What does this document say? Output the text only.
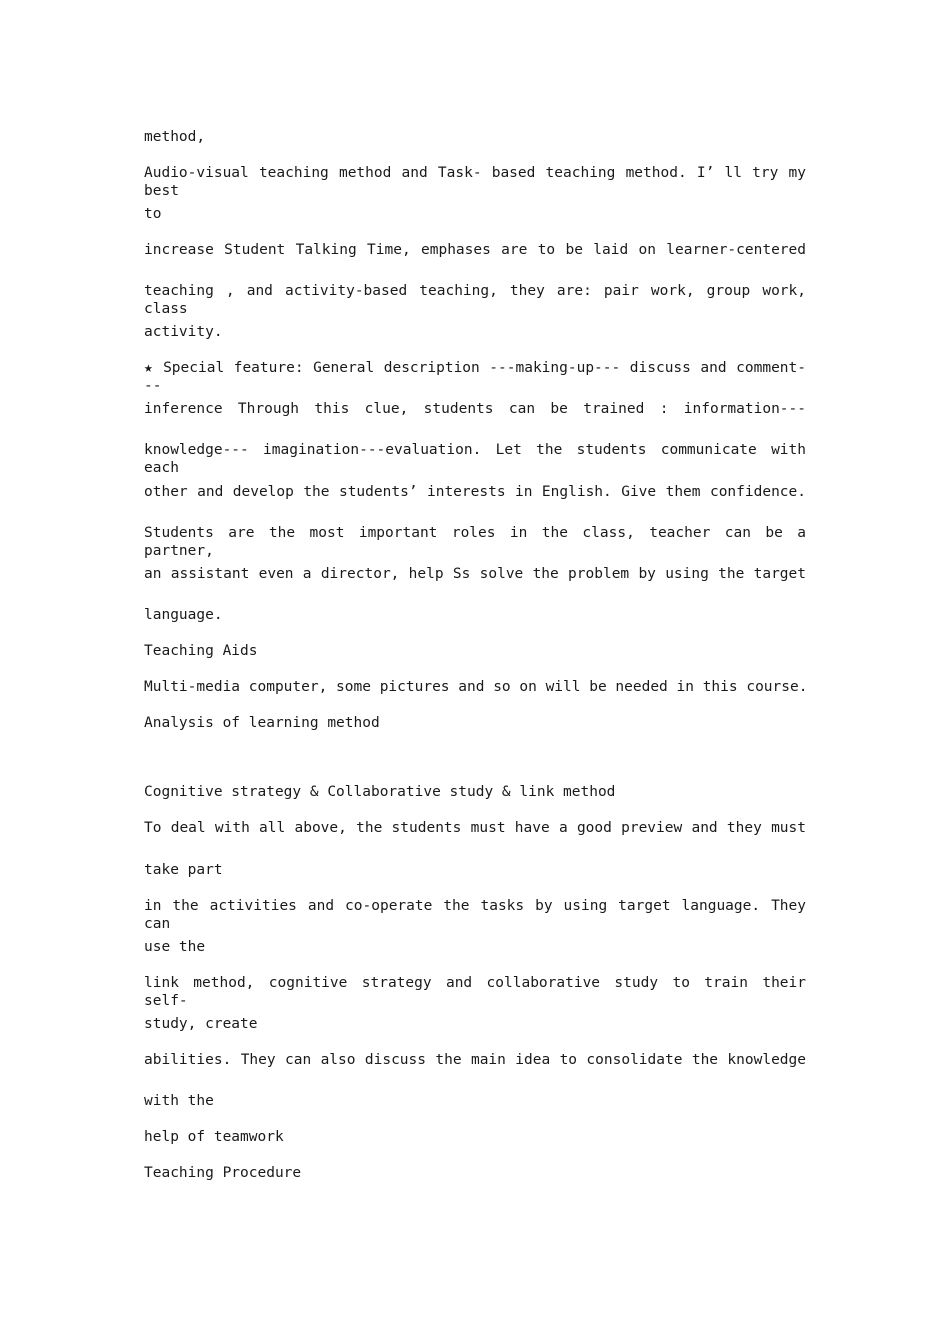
method,

Audio-visual teaching method and Task- based teaching method. I’ ll try my best

to

increase Student Talking Time, emphases are to be laid on learner-centered

teaching , and activity-based teaching, they are: pair work, group work, class

activity.

★ Special feature: General description ---making-up--- discuss and comment---

inference Through this clue, students can be trained : information---

knowledge--- imagination---evaluation. Let the students communicate with each

other and develop the students’ interests in English. Give them confidence.

Students are the most important roles in the class, teacher can be a partner,

an assistant even a director, help Ss solve the problem by using the target

language.

Teaching Aids

Multi-media computer, some pictures and so on will be needed in this course.

Analysis of learning method

Cognitive strategy & Collaborative study & link method

To deal with all above, the students must have a good preview and they must

take part

in the activities and co-operate the tasks by using target language. They can

use the

link method, cognitive strategy and collaborative study to train their self-

study, create

abilities. They can also discuss the main idea to consolidate the knowledge

with the

help of teamwork

Teaching Procedure
